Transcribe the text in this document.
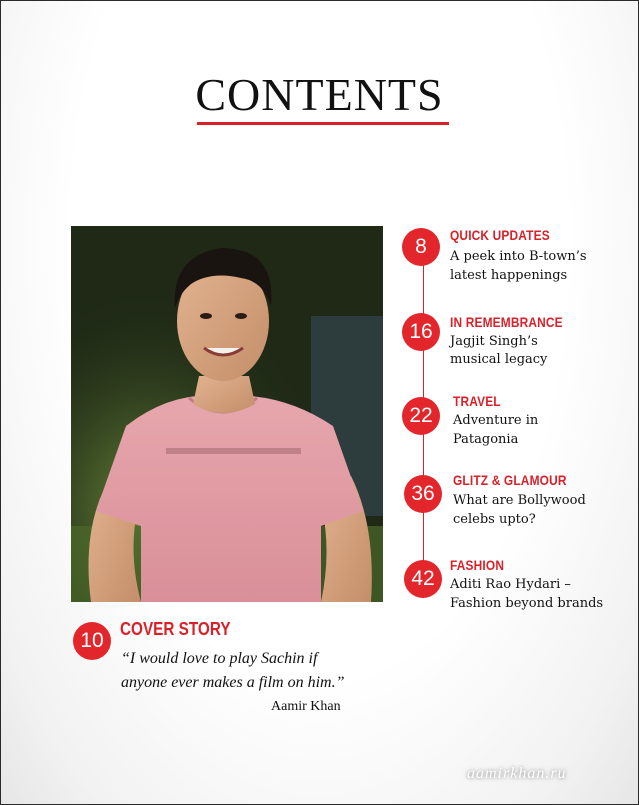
CONTENTS
8	QUICK UPDATES
A peek into B-town’s
latest happenings
16	IN REMEMBRANCE
Jagjit Singh’s
musical legacy
22
TRAVEL
Adventure in
Patagonia
36
GLITZ & GLAMOUR
What are Bollywood
celebs upto?
42
FASHION
Aditi Rao Hydari –
Fashion beyond brands
10 COVER STORY
“I would love to play Sachin if
anyone ever makes a film on him.”
Aamir Khan
aamirkhan.ru
